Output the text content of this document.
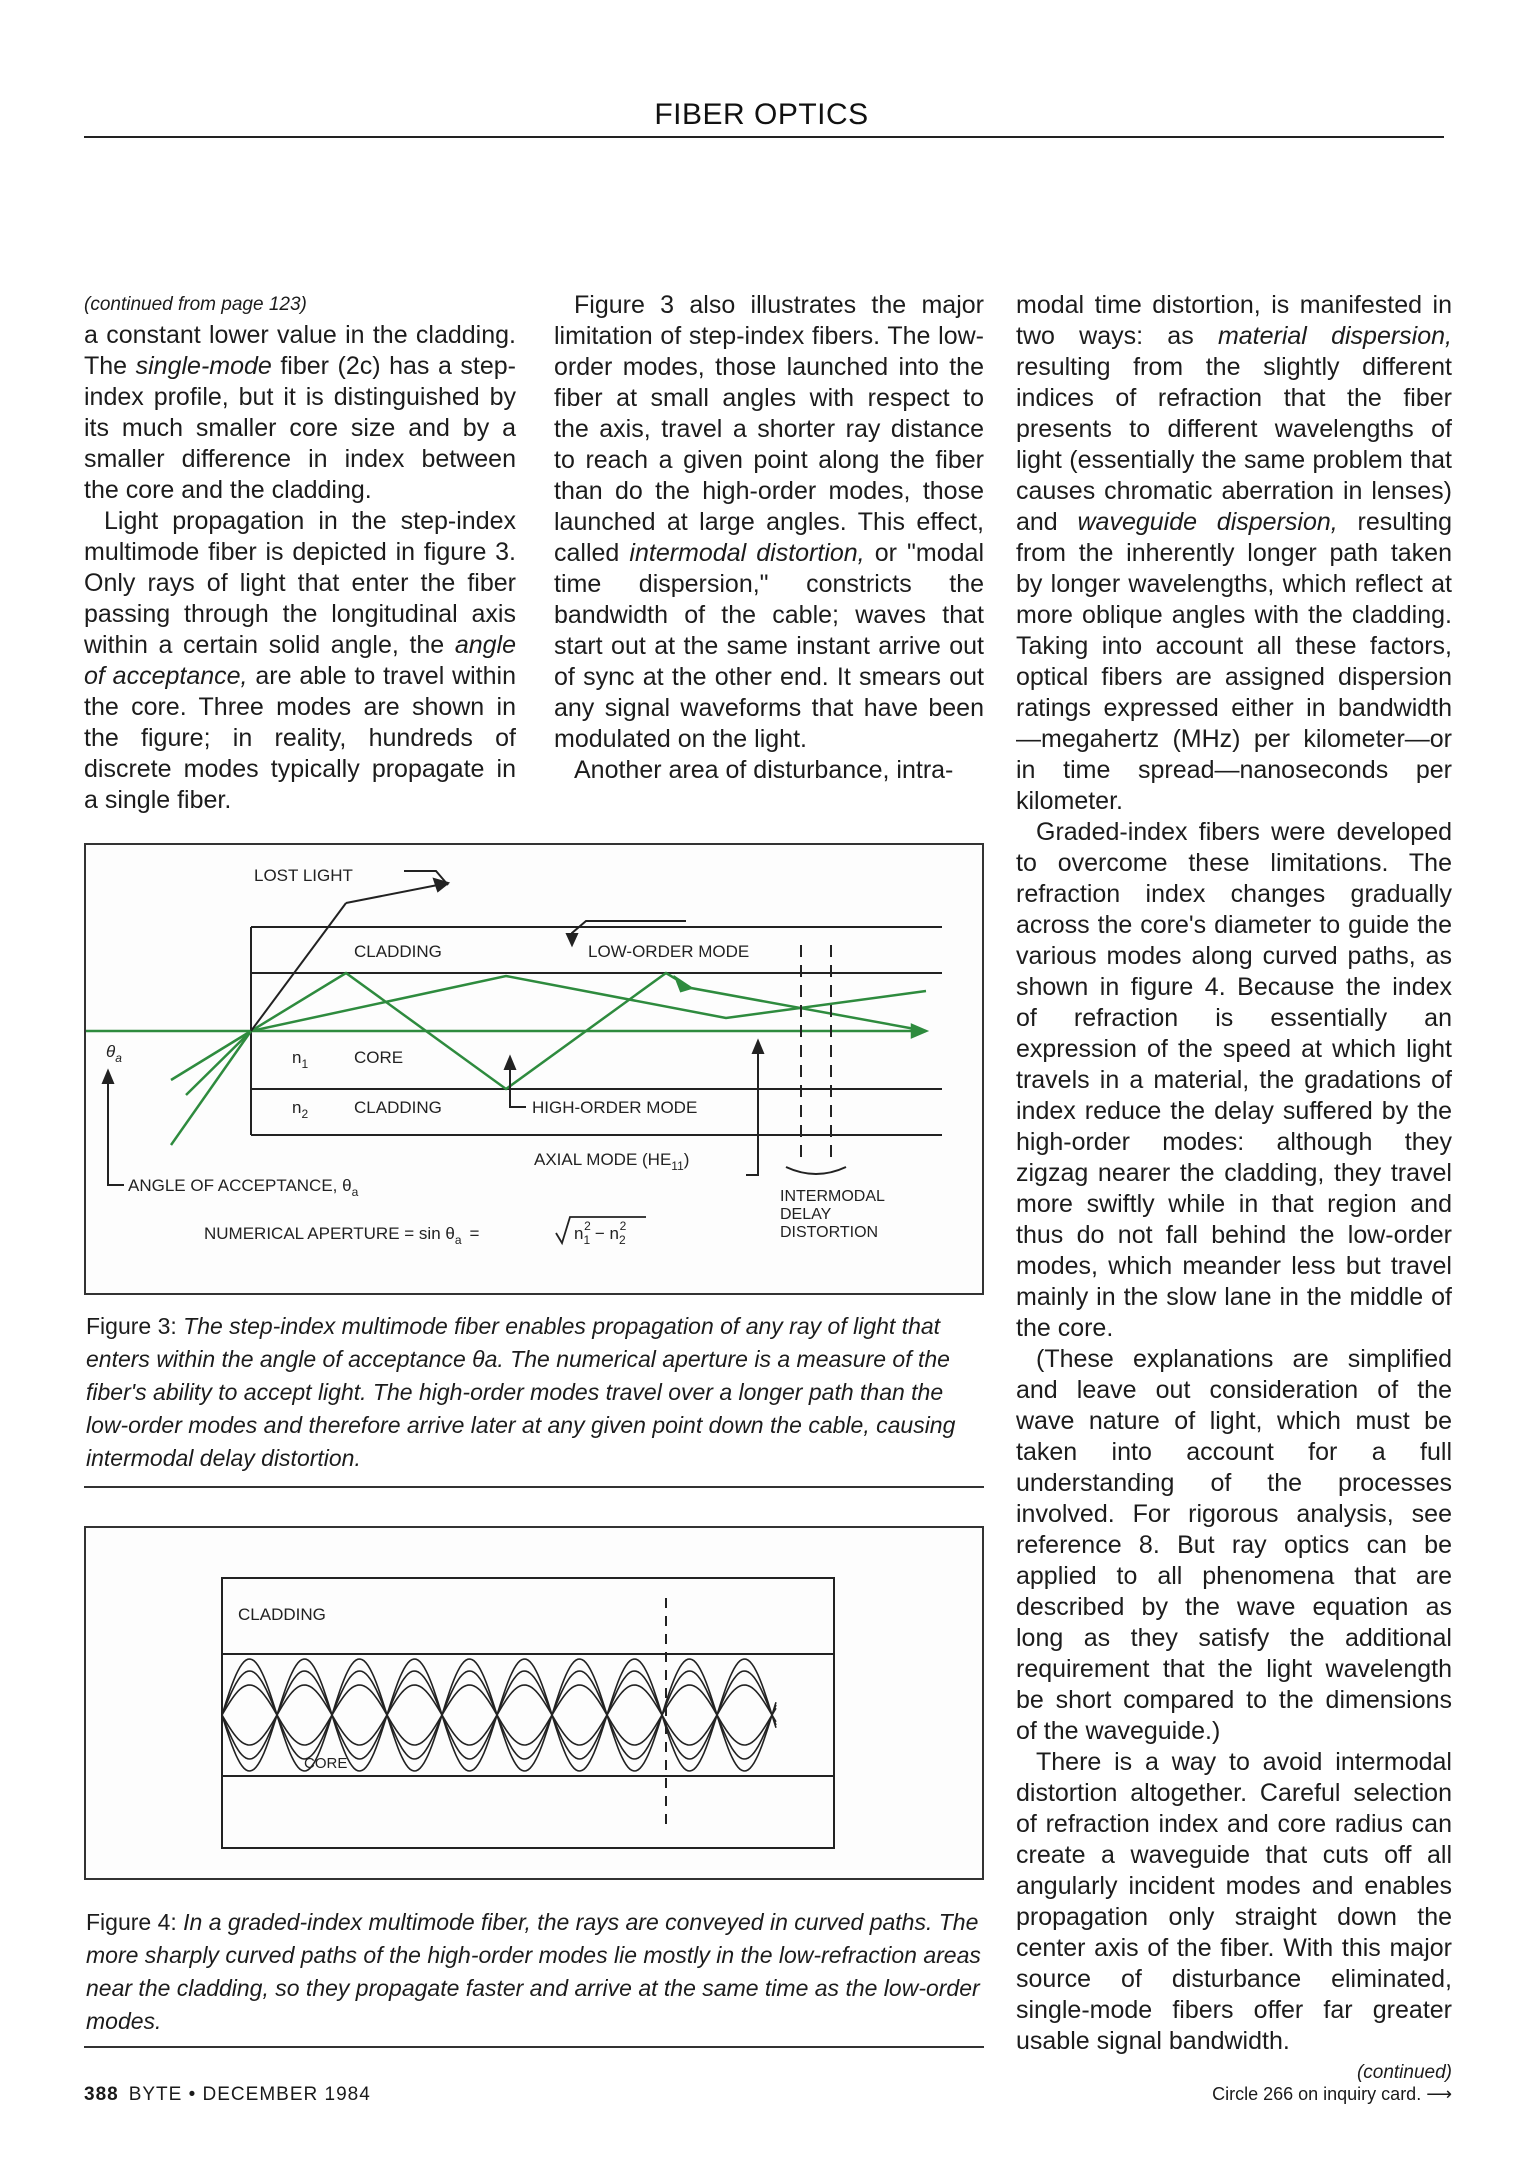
FIBER OPTICS
(continued from page 123)

a constant lower value in the cladding. The single-mode fiber (2c) has a step-index profile, but it is distinguished by its much smaller core size and by a smaller difference in index between the core and the cladding.

Light propagation in the step-index multimode fiber is depicted in figure 3. Only rays of light that enter the fiber passing through the longitudinal axis within a certain solid angle, the angle of acceptance, are able to travel within the core. Three modes are shown in the figure; in reality, hundreds of discrete modes typically propagate in a single fiber.

Figure 3 also illustrates the major limitation of step-index fibers. The low-order modes, those launched into the fiber at small angles with respect to the axis, travel a shorter ray distance to reach a given point along the fiber than do the high-order modes, those launched at large angles. This effect, called intermodal distortion, or "modal time dispersion," constricts the bandwidth of the cable; waves that start out at the same instant arrive out of sync at the other end. It smears out any signal waveforms that have been modulated on the light.

Another area of disturbance, intra-

modal time distortion, is manifested in two ways: as material dispersion, resulting from the slightly different indices of refraction that the fiber presents to different wavelengths of light (essentially the same problem that causes chromatic aberration in lenses) and waveguide dispersion, resulting from the inherently longer path taken by longer wavelengths, which reflect at more oblique angles with the cladding. Taking into account all these factors, optical fibers are assigned dispersion ratings expressed either in bandwidth—megahertz (MHz) per kilometer—or in time spread—nanoseconds per kilometer.

Graded-index fibers were developed to overcome these limitations. The refraction index changes gradually across the core's diameter to guide the various modes along curved paths, as shown in figure 4. Because the index of refraction is essentially an expression of the speed at which light travels in a material, the gradations of index reduce the delay suffered by the high-order modes: although they zigzag nearer the cladding, they travel more swiftly while in that region and thus do not fall behind the low-order modes, which meander less but travel mainly in the slow lane in the middle of the core.

(These explanations are simplified and leave out consideration of the wave nature of light, which must be taken into account for a full understanding of the processes involved. For rigorous analysis, see reference 8. But ray optics can be applied to all phenomena that are described by the wave equation as long as they satisfy the additional requirement that the light wavelength be short compared to the dimensions of the waveguide.)

There is a way to avoid intermodal distortion altogether. Careful selection of refraction index and core radius can create a waveguide that cuts off all angularly incident modes and enables propagation only straight down the center axis of the fiber. With this major source of disturbance eliminated, single-mode fibers offer far greater usable signal bandwidth.

(continued)
LOST LIGHT
CLADDING	LOW-ORDER MODE
$n_1$	CORE
$n_2$	CLADDING	HIGH-ORDER MODE
$\theta_a$
AXIAL MODE $(HE_{11})$
ANGLE OF ACCEPTANCE, $\theta_a$	INTERMODAL
DELAY
DISTORTION
NUMERICAL APERTURE = $\sin \theta_a$ =	$n_12 - n_22$
Figure 3: The step-index multimode fiber enables propagation of any ray of light that enters within the angle of acceptance θa. The numerical aperture is a measure of the fiber's ability to accept light. The high-order modes travel over a longer path than the low-order modes and therefore arrive later at any given point down the cable, causing intermodal delay distortion.
CLADDING
CORE
Figure 4: In a graded-index multimode fiber, the rays are conveyed in curved paths. The more sharply curved paths of the high-order modes lie mostly in the low-refraction areas near the cladding, so they propagate faster and arrive at the same time as the low-order modes.
388 BYTE • DECEMBER 1984	Circle 266 on inquiry card. ⟶
